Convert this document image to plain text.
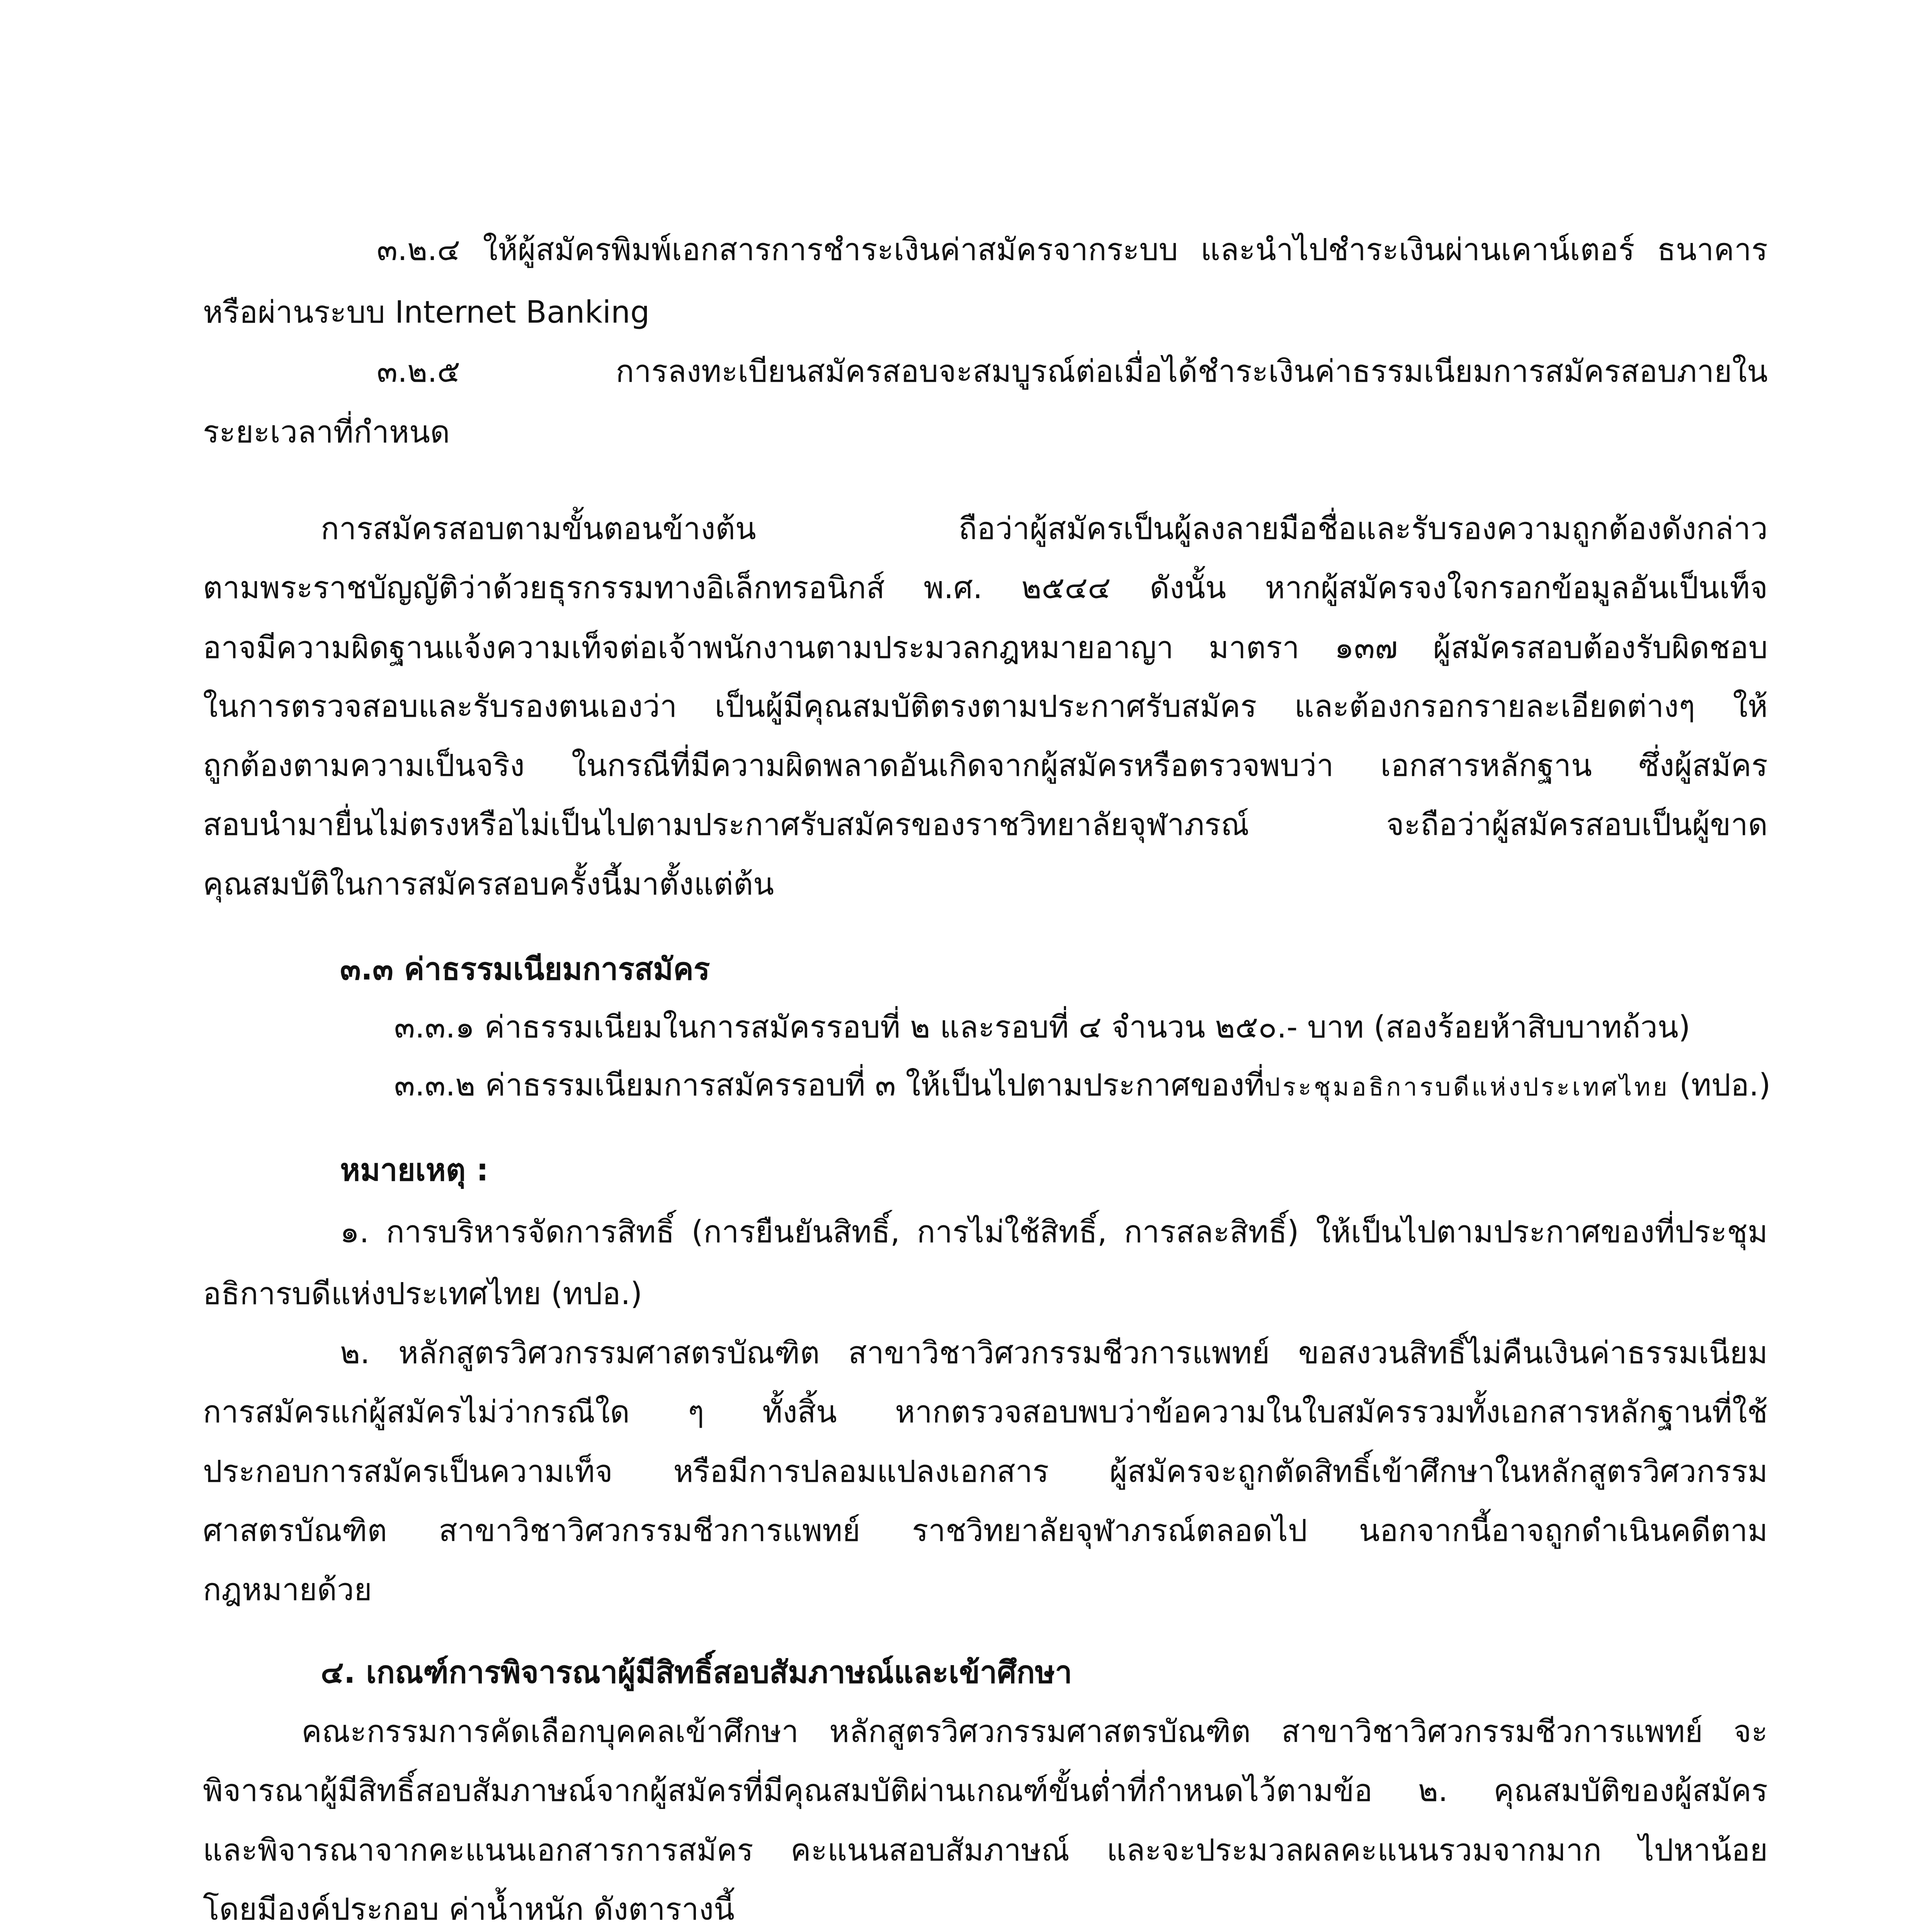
๓.๒.๔ ให้ผู้สมัครพิมพ์เอกสารการชำระเงินค่าสมัครจากระบบ และนำไปชำระเงินผ่านเคาน์เตอร์ ธนาคาร
หรือผ่านระบบ Internet Banking
๓.๒.๕ การลงทะเบียนสมัครสอบจะสมบูรณ์ต่อเมื่อได้ชำระเงินค่าธรรมเนียมการสมัครสอบภายใน
ระยะเวลาที่กำหนด
การสมัครสอบตามขั้นตอนข้างต้น ถือว่าผู้สมัครเป็นผู้ลงลายมือชื่อและรับรองความถูกต้องดังกล่าว
ตามพระราชบัญญัติว่าด้วยธุรกรรมทางอิเล็กทรอนิกส์ พ.ศ. ๒๕๔๔ ดังนั้น หากผู้สมัครจงใจกรอกข้อมูลอันเป็นเท็จ
อาจมีความผิดฐานแจ้งความเท็จต่อเจ้าพนักงานตามประมวลกฎหมายอาญา มาตรา ๑๓๗ ผู้สมัครสอบต้องรับผิดชอบ
ในการตรวจสอบและรับรองตนเองว่า เป็นผู้มีคุณสมบัติตรงตามประกาศรับสมัคร และต้องกรอกรายละเอียดต่างๆ ให้
ถูกต้องตามความเป็นจริง ในกรณีที่มีความผิดพลาดอันเกิดจากผู้สมัครหรือตรวจพบว่า เอกสารหลักฐาน ซึ่งผู้สมัคร
สอบนำมายื่นไม่ตรงหรือไม่เป็นไปตามประกาศรับสมัครของราชวิทยาลัยจุฬาภรณ์ จะถือว่าผู้สมัครสอบเป็นผู้ขาด
คุณสมบัติในการสมัครสอบครั้งนี้มาตั้งแต่ต้น
๓.๓ ค่าธรรมเนียมการสมัคร
๓.๓.๑ ค่าธรรมเนียมในการสมัครรอบที่ ๒ และรอบที่ ๔ จำนวน ๒๕๐.- บาท (สองร้อยห้าสิบบาทถ้วน)
๓.๓.๒ ค่าธรรมเนียมการสมัครรอบที่ ๓ ให้เป็นไปตามประกาศของที่ประชุมอธิการบดีแห่งประเทศไทย (ทปอ.)
หมายเหตุ :
๑. การบริหารจัดการสิทธิ์ (การยืนยันสิทธิ์, การไม่ใช้สิทธิ์, การสละสิทธิ์) ให้เป็นไปตามประกาศของที่ประชุม
อธิการบดีแห่งประเทศไทย (ทปอ.)
๒. หลักสูตรวิศวกรรมศาสตรบัณฑิต สาขาวิชาวิศวกรรมชีวการแพทย์ ขอสงวนสิทธิ์ไม่คืนเงินค่าธรรมเนียม
การสมัครแก่ผู้สมัครไม่ว่ากรณีใด ๆ ทั้งสิ้น หากตรวจสอบพบว่าข้อความในใบสมัครรวมทั้งเอกสารหลักฐานที่ใช้
ประกอบการสมัครเป็นความเท็จ หรือมีการปลอมแปลงเอกสาร ผู้สมัครจะถูกตัดสิทธิ์เข้าศึกษาในหลักสูตรวิศวกรรม
ศาสตรบัณฑิต สาขาวิชาวิศวกรรมชีวการแพทย์ ราชวิทยาลัยจุฬาภรณ์ตลอดไป นอกจากนี้อาจถูกดำเนินคดีตาม
กฎหมายด้วย
๔. เกณฑ์การพิจารณาผู้มีสิทธิ์สอบสัมภาษณ์และเข้าศึกษา
คณะกรรมการคัดเลือกบุคคลเข้าศึกษา หลักสูตรวิศวกรรมศาสตรบัณฑิต สาขาวิชาวิศวกรรมชีวการแพทย์ จะ
พิจารณาผู้มีสิทธิ์สอบสัมภาษณ์จากผู้สมัครที่มีคุณสมบัติผ่านเกณฑ์ขั้นต่ำที่กำหนดไว้ตามข้อ ๒. คุณสมบัติของผู้สมัคร
และพิจารณาจากคะแนนเอกสารการสมัคร คะแนนสอบสัมภาษณ์ และจะประมวลผลคะแนนรวมจากมาก ไปหาน้อย
โดยมีองค์ประกอบ ค่าน้ำหนัก ดังตารางนี้
